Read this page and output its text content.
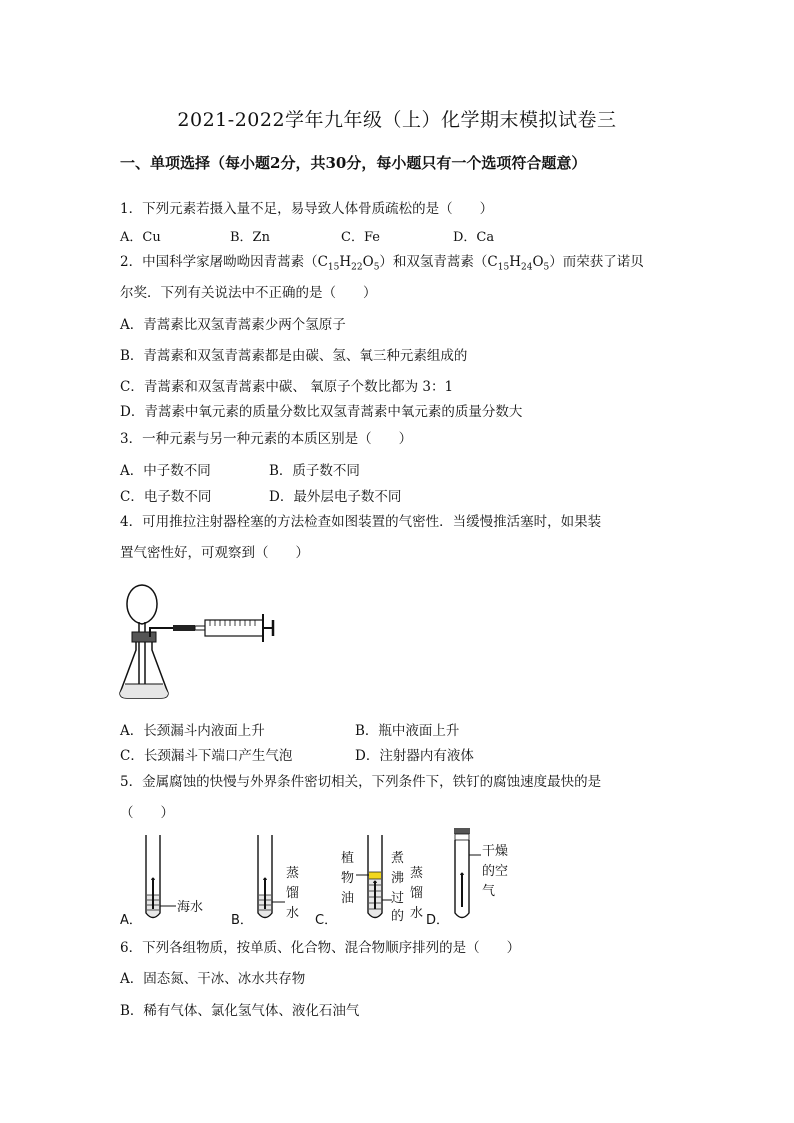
2021-2022学年九年级（上）化学期末模拟试卷三
一、单项选择（每小题2分，共30分，每小题只有一个选项符合题意）
1．下列元素若摄入量不足，易导致人体骨质疏松的是（　　）
A．Cu	B．Zn	C．Fe	D．Ca
2．中国科学家屠呦呦因青蒿素$(C_{15}H_{22}O_5)$和双氢青蒿素$(C_{15}H_{24}O_5)$而荣获了诺贝
尔奖．下列有关说法中不正确的是（　　）
A．青蒿素比双氢青蒿素少两个氢原子
B．青蒿素和双氢青蒿素都是由碳、氢、氧三种元素组成的
C．青蒿素和双氢青蒿素中碳、 氧原子个数比都为 3：1
D．青蒿素中氧元素的质量分数比双氢青蒿素中氧元素的质量分数大
3．一种元素与另一种元素的本质区别是（　　）
A．中子数不同	B．质子数不同
C．电子数不同	D．最外层电子数不同
4．可用推拉注射器栓塞的方法检查如图装置的气密性．当缓慢推活塞时，如果装
置气密性好，可观察到（　　）
A．长颈漏斗内液面上升	B．瓶中液面上升
C．长颈漏斗下端口产生气泡	D．注射器内有液体
5．金属腐蚀的快慢与外界条件密切相关，下列条件下，铁钉的腐蚀速度最快的是
（　　）
海水
A．
蒸
馏
水
B．	C．
植
物
油
煮
沸
过
的
蒸
馏
水 D．
干燥
的空
气
6．下列各组物质，按单质、化合物、混合物顺序排列的是（　　）
A．固态氮、干冰、冰水共存物
B．稀有气体、氯化氢气体、液化石油气
